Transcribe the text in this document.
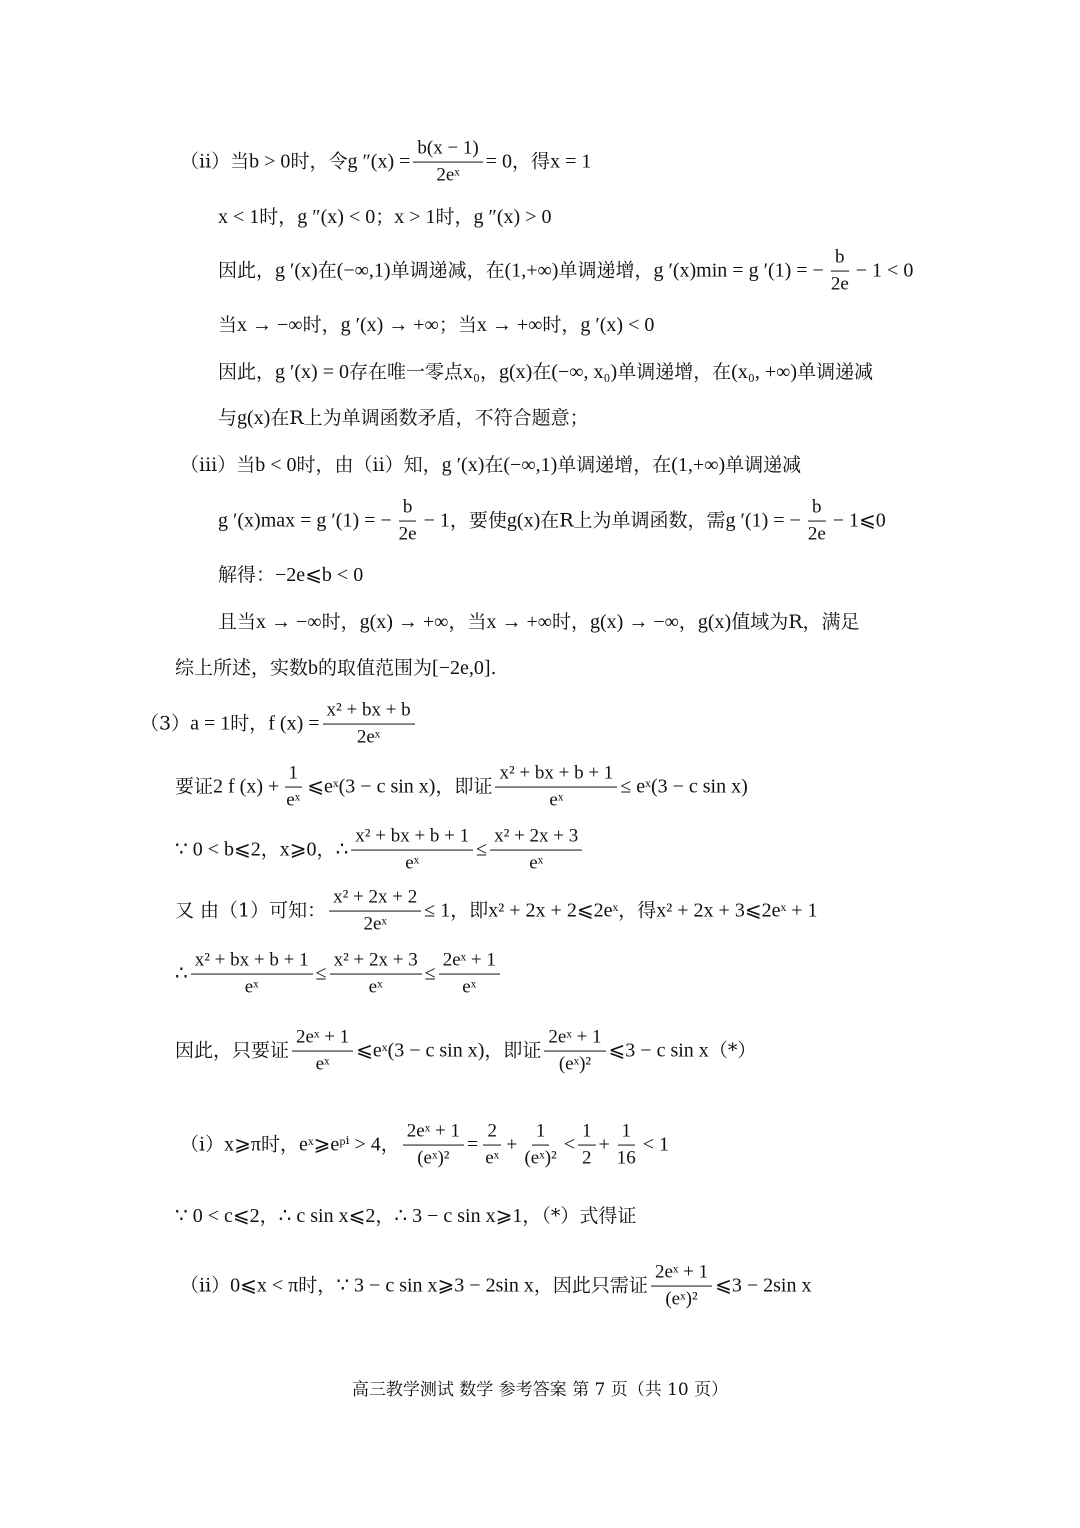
（ii）当 b > 0 时，令 g $''(x) = \frac{b(x - 1)}{\text{2eˣ}} = 0$ ，得 x = 1
x < 1 时， g ″(x) < 0 ； x > 1 时， g ″(x) > 0
因此， g ′(x) 在 (−∞,1) 单调递减，在 (1,+∞) 单调递增， g ′(x)min = g ′(1) = − $\frac{b}{2e} - 1 < 0$
当 x → −∞ 时， g ′(x) → +∞ ；当 x → +∞ 时， g ′(x) < 0
因此， g ′(x) = 0 存在唯一零点 x₀ ， g(x) 在 (−∞, x₀) 单调递增，在 (x₀, +∞) 单调递减
与 g(x) 在R上为单调函数矛盾，不符合题意；
（iii）当 b < 0 时，由（ii）知， g ′(x) 在 (−∞,1) 单调递增，在 (1,+∞) 单调递减
g ′(x)max = g ′(1) = − $\frac{b}{2e} - 1$ ，要使 g(x) 在R上为单调函数，需 g ′(1) = − $\frac{b}{2e}$ − 1⩽0
解得： −2e⩽b < 0
且当 x → −∞ 时， g(x) → +∞ ，当 x → +∞ 时， g(x) → −∞ ， g(x) 值域为R，满足
综上所述，实数 b 的取值范围为 [−2e,0] .
（3） a = 1 时， f $(x) = \frac{\text{x² + bx + b}}{\text{2eˣ}}$
要证 2 f $(x) + \frac{1}{\text{eˣ}}$ ⩽eˣ(3 − c sin x) ，即证 $\frac{\text{x² + bx + b + 1}}{\text{eˣ}}$ ≤ eˣ(3 − c sin x)
∵ 0 < b⩽2 ， x⩾0 ， ∴ $\frac{\text{x² + bx + b + 1}}{\text{eˣ}} \le \frac{\text{x² + 2x + 3}}{\text{eˣ}}$
又 由（1）可知： $\frac{\text{x² + 2x + 2}}{\text{2eˣ}} \le 1$ ，即 x² + 2x + 2⩽2eˣ ，得 x² + 2x + 3⩽2eˣ + 1
∴ $\frac{\text{x² + bx + b + 1}}{\text{eˣ}} \le \frac{\text{x² + 2x + 3}}{\text{eˣ}} \le \frac{\text{2eˣ + 1}}{\text{eˣ}}$
因此，只要证 $\frac{\text{2eˣ + 1}}{\text{eˣ}}$ ⩽eˣ(3 − c sin x) ，即证 $\frac{\text{2eˣ + 1}}{\text{(eˣ)²}}$ ⩽3 − c sin x （*）
（i） x⩾π 时， eˣ⩾eᵖⁱ > 4 ， $\frac{\text{2eˣ + 1}}{\text{(eˣ)²}} = \frac{2}{\text{eˣ}} + \frac{1}{\text{(eˣ)²}} < \frac{1}{2} + \frac{1}{16} < 1$
∵ 0 < c⩽2 ， ∴ c sin x⩽2 ， ∴ 3 − c sin x⩾1 ，（*）式得证
（ii） 0⩽x < π 时， ∵ 3 − c sin x⩾3 − 2sin x ，因此只需证 $\frac{\text{2eˣ + 1}}{\text{(eˣ)²}}$ ⩽3 − 2sin x
高三教学测试 数学 参考答案 第 7 页（共 10 页）
